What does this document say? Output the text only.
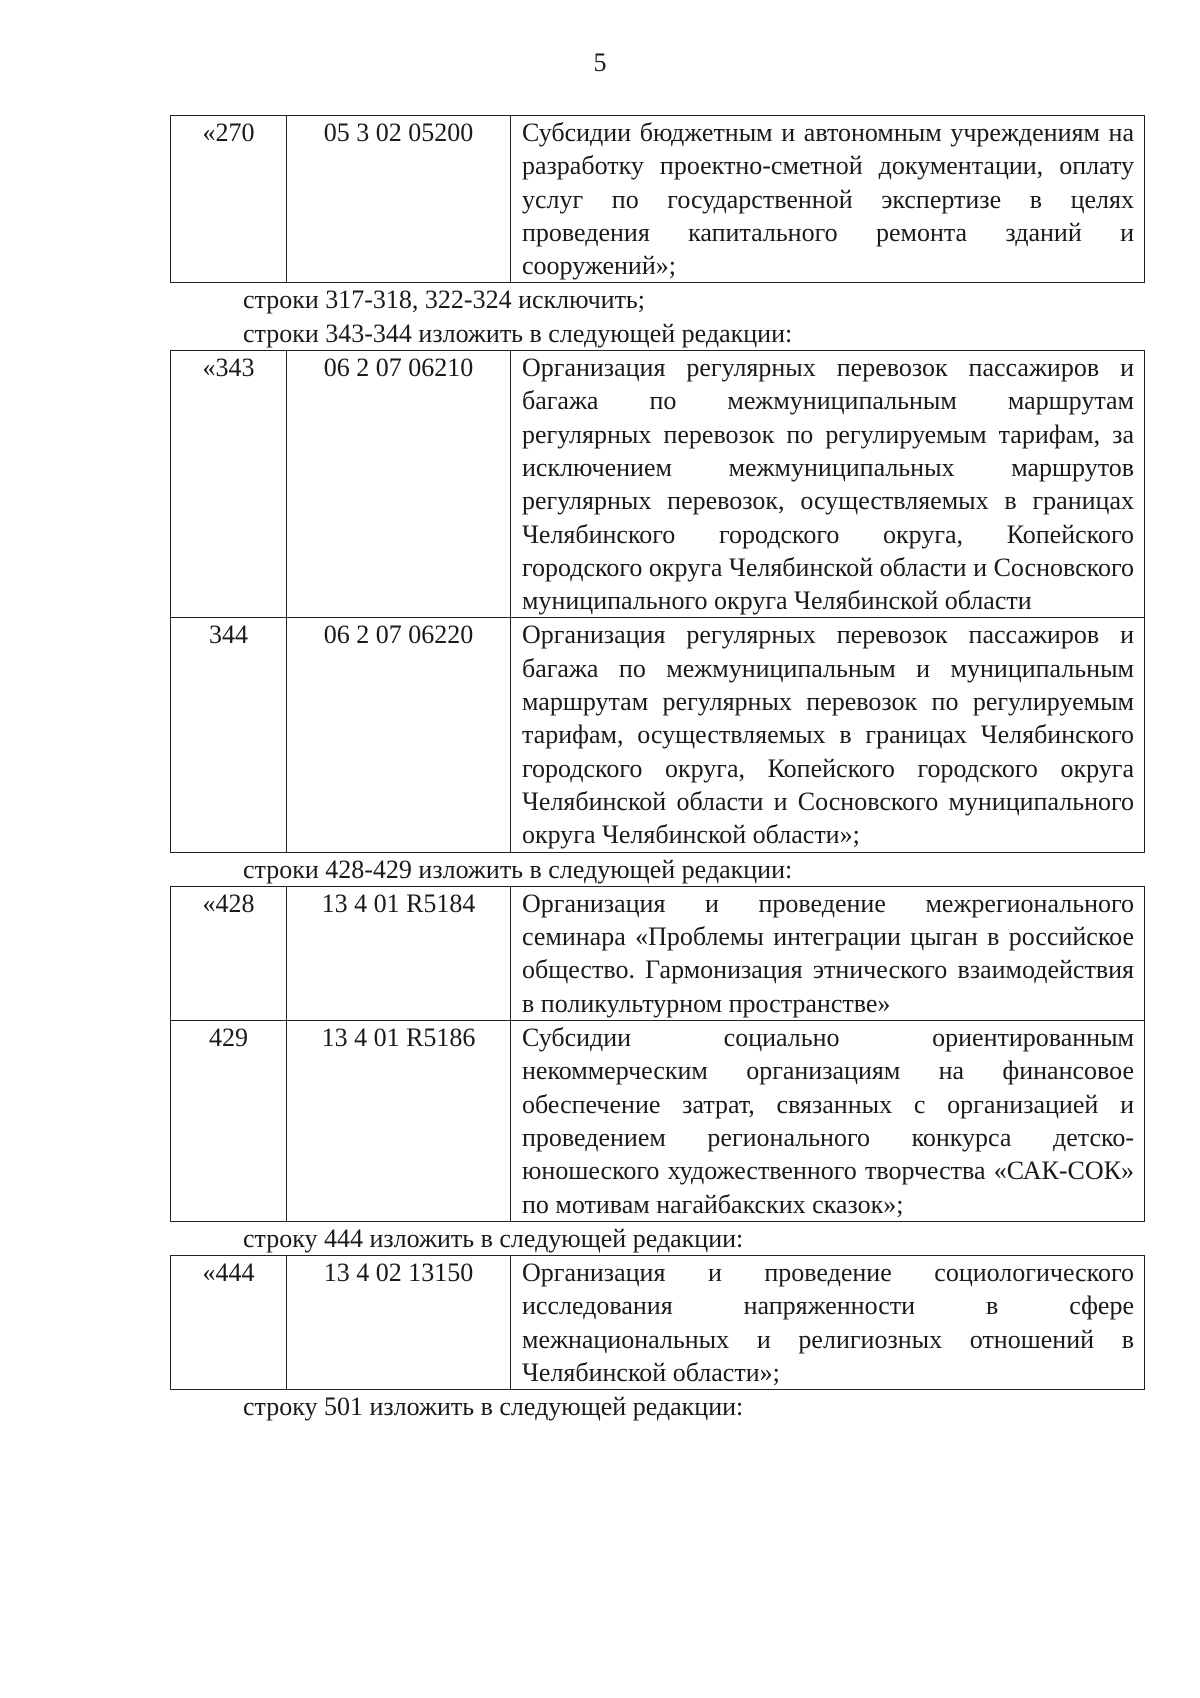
5
«270	05 3 02 05200	Субсидии бюджетным и автономным учреждениям на разработку проектно-сметной документации, оплату услуг по государственной экспертизе в целях проведения капитального ремонта зданий и сооружений»;

строки 317-318, 322-324 исключить;

строки 343-344 изложить в следующей редакции:

«343	06 2 07 06210	Организация регулярных перевозок пассажиров и багажа по межмуниципальным маршрутам регулярных перевозок по регулируемым тарифам, за исключением межмуниципальных маршрутов регулярных перевозок, осуществляемых в границах Челябинского городского округа, Копейского городского округа Челябинской области и Сосновского муниципального округа Челябинской области
344	06 2 07 06220	Организация регулярных перевозок пассажиров и багажа по межмуниципальным и муниципальным маршрутам регулярных перевозок по регулируемым тарифам, осуществляемых в границах Челябинского городского округа, Копейского городского округа Челябинской области и Сосновского муниципального округа Челябинской области»;

строки 428-429 изложить в следующей редакции:

«428	13 4 01 R5184	Организация и проведение межрегионального семинара «Проблемы интеграции цыган в российское общество. Гармонизация этнического взаимодействия в поликультурном пространстве»
429	13 4 01 R5186	Субсидии социально ориентированным некоммерческим организациям на финансовое обеспечение затрат, связанных с организацией и проведением регионального конкурса детско-юношеского художественного творчества «САК-СОК» по мотивам нагайбакских сказок»;

строку 444 изложить в следующей редакции:

«444	13 4 02 13150	Организация и проведение социологического исследования напряженности в сфере межнациональных и религиозных отношений в Челябинской области»;

строку 501 изложить в следующей редакции:
